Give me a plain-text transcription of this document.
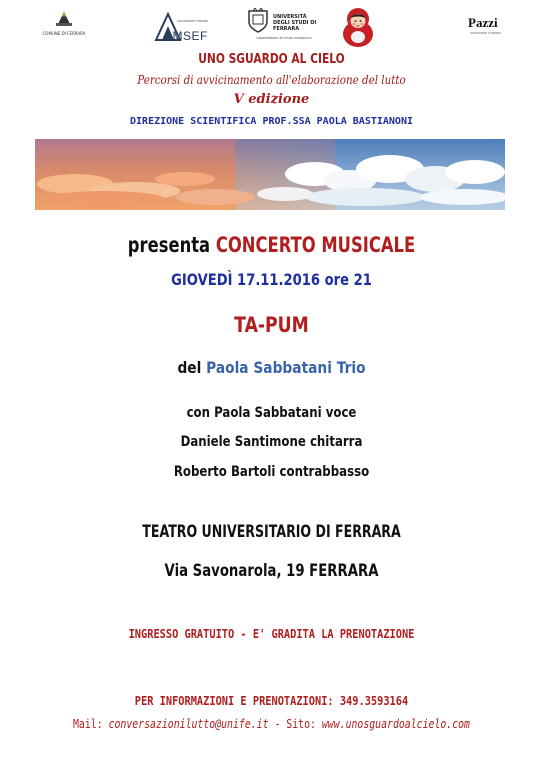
COMUNE DI FERRARA
ONORANZE FUNEBRI
AMSEF
UNIVERSITÀ DEGLI STUDI DI FERRARA
DIPARTIMENTO DI STUDI UMANISTICI
Pazzi
ONORANZE FUNEBRI
UNO SGUARDO AL CIELO
Percorsi di avvicinamento all'elaborazione del lutto
V edizione
DIREZIONE SCIENTIFICA PROF.SSA PAOLA BASTIANONI
presenta CONCERTO MUSICALE
GIOVEDÌ 17.11.2016 ore 21
TA-PUM
del Paola Sabbatani Trio
con Paola Sabbatani voce
Daniele Santimone chitarra
Roberto Bartoli contrabbasso
TEATRO UNIVERSITARIO DI FERRARA
Via Savonarola, 19 FERRARA
INGRESSO GRATUITO - E' GRADITA LA PRENOTAZIONE
PER INFORMAZIONI E PRENOTAZIONI: 349.3593164
Mail: conversazionilutto@unife.it - Sito: www.unosguardoalcielo.com
